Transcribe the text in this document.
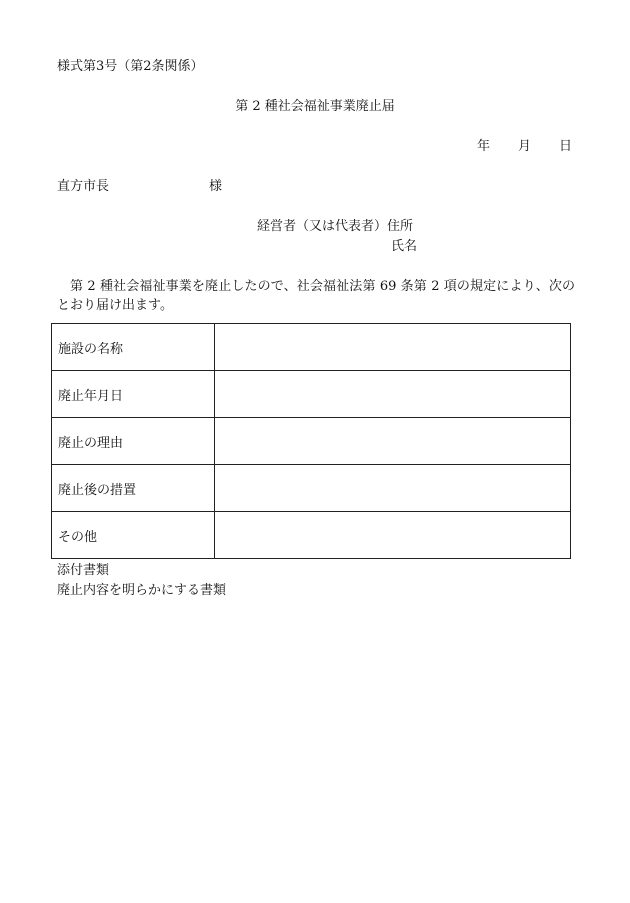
様式第3号（第2条関係）
第 2 種社会福祉事業廃止届
年 月 日
直方市長	様
経営者（又は代表者）住所
氏名
第 2 種社会福祉事業を廃止したので、社会福祉法第 69 条第 2 項の規定により、次のとおり届け出ます。
施設の名称	
廃止年月日	
廃止の理由	
廃止後の措置	
その他	
添付書類
廃止内容を明らかにする書類
